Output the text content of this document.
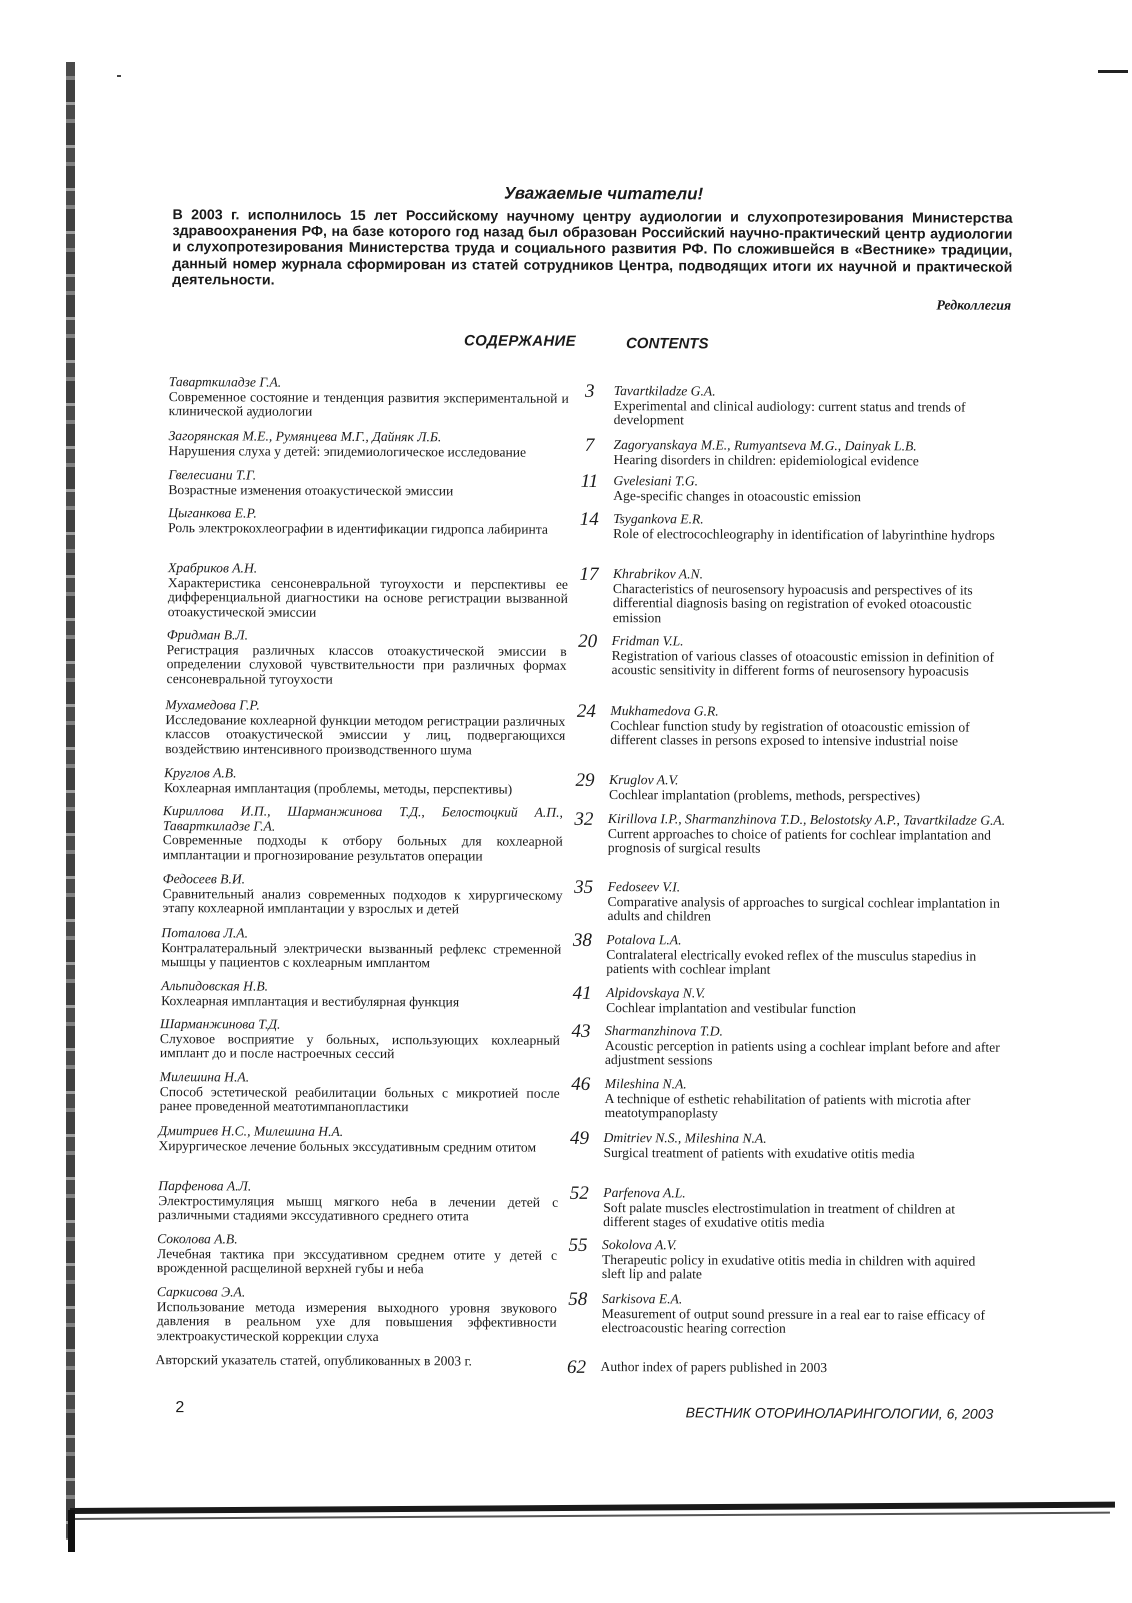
Уважаемые читатели!
В 2003 г. исполнилось 15 лет Российскому научному центру аудиологии и слухопротезирования Министерства здравоохранения РФ, на базе которого год назад был образован Российский научно-практический центр аудиологии и слухопротезирования Министерства труда и социального развития РФ. По сложившейся в «Вестнике» традиции, данный номер журнала сформирован из статей сотрудников Центра, подводящих итоги их научной и практической деятельности.
Редколлегия
СОДЕРЖАНИЕ	CONTENTS
Таварткиладзе Г.А.
Современное состояние и тенденция развития экспериментальной и клинической аудиологии
3	Tavartkiladze G.A.
Experimental and clinical audiology: current status and trends of development
Загорянская М.Е., Румянцева М.Г., Дайняк Л.Б.
Нарушения слуха у детей: эпидемиологическое исследование	7	Zagoryanskaya M.E., Rumyantseva M.G., Dainyak L.B.
Hearing disorders in children: epidemiological evidence
Гвелесиани Т.Г.
Возрастные изменения отоакустической эмиссии	11	Gvelesiani T.G.
Age-specific changes in otoacoustic emission
Цыганкова Е.Р.
Роль электрокохлеографии в идентификации гидропса лабиринта	14	Tsygankova E.R.
Role of electrocochleography in identification of labyrinthine hydrops
Храбриков А.Н.
Характеристика сенсоневральной тугоухости и перспективы ее дифференциальной диагностики на основе регистрации вызванной отоакустической эмиссии
17	Khrabrikov A.N.
Characteristics of neurosensory hypoacusis and perspectives of its differential diagnosis basing on registration of evoked otoacoustic emission
Фридман В.Л.
Регистрация различных классов отоакустической эмиссии в определении слуховой чувствительности при различных формах сенсоневральной тугоухости
20	Fridman V.L.
Registration of various classes of otoacoustic emission in definition of acoustic sensitivity in different forms of neurosensory hypoacusis
Мухамедова Г.Р.
Исследование кохлеарной функции методом регистрации различных классов отоакустической эмиссии у лиц, подвергающихся воздействию интенсивного производственного шума
24	Mukhamedova G.R.
Cochlear function study by registration of otoacoustic emission of different classes in persons exposed to intensive industrial noise
Круглов А.В.
Кохлеарная имплантация (проблемы, методы, перспективы)	29	Kruglov A.V.
Cochlear implantation (problems, methods, perspectives)
Кириллова И.П., Шарманжинова Т.Д., Белостоцкий А.П., Таварткиладзе Г.А.
Современные подходы к отбору больных для кохлеарной имплантации и прогнозирование результатов операции
32	Kirillova I.P., Sharmanzhinova T.D., Belostotsky A.P., Tavartkiladze G.A.
Current approaches to choice of patients for cochlear implantation and prognosis of surgical results
Федосеев В.И.
Сравнительный анализ современных подходов к хирургическому этапу кохлеарной имплантации у взрослых и детей
35	Fedoseev V.I.
Comparative analysis of approaches to surgical cochlear implantation in adults and children
Поталова Л.А.
Контралатеральный электрически вызванный рефлекс стременной мышцы у пациентов с кохлеарным имплантом
38	Potalova L.A.
Contralateral electrically evoked reflex of the musculus stapedius in patients with cochlear implant
Альпидовская Н.В.
Кохлеарная имплантация и вестибулярная функция	41	Alpidovskaya N.V.
Cochlear implantation and vestibular function
Шарманжинова Т.Д.
Слуховое восприятие у больных, использующих кохлеарный имплант до и после настроечных сессий
43	Sharmanzhinova T.D.
Acoustic perception in patients using a cochlear implant before and after adjustment sessions
Милешина Н.А.
Способ эстетической реабилитации больных с микротией после ранее проведенной меатотимпанопластики
46	Mileshina N.A.
A technique of esthetic rehabilitation of patients with microtia after meatotympanoplasty
Дмитриев Н.С., Милешина Н.А.
Хирургическое лечение больных экссудативным средним отитом	49	Dmitriev N.S., Mileshina N.A.
Surgical treatment of patients with exudative otitis media
Парфенова А.Л.
Электростимуляция мышц мягкого неба в лечении детей с различными стадиями экссудативного среднего отита
52	Parfenova A.L.
Soft palate muscles electrostimulation in treatment of children at different stages of exudative otitis media
Соколова А.В.
Лечебная тактика при экссудативном среднем отите у детей с врожденной расщелиной верхней губы и неба
55	Sokolova A.V.
Therapeutic policy in exudative otitis media in children with aquired sleft lip and palate
Саркисова Э.А.
Использование метода измерения выходного уровня звукового давления в реальном ухе для повышения эффективности электроакустической коррекции слуха
58	Sarkisova E.A.
Measurement of output sound pressure in a real ear to raise efficacy of electroacoustic hearing correction
Авторский указатель статей, опубликованных в 2003 г.	62	Author index of papers published in 2003
2	ВЕСТНИК ОТОРИНОЛАРИНГОЛОГИИ, 6, 2003
